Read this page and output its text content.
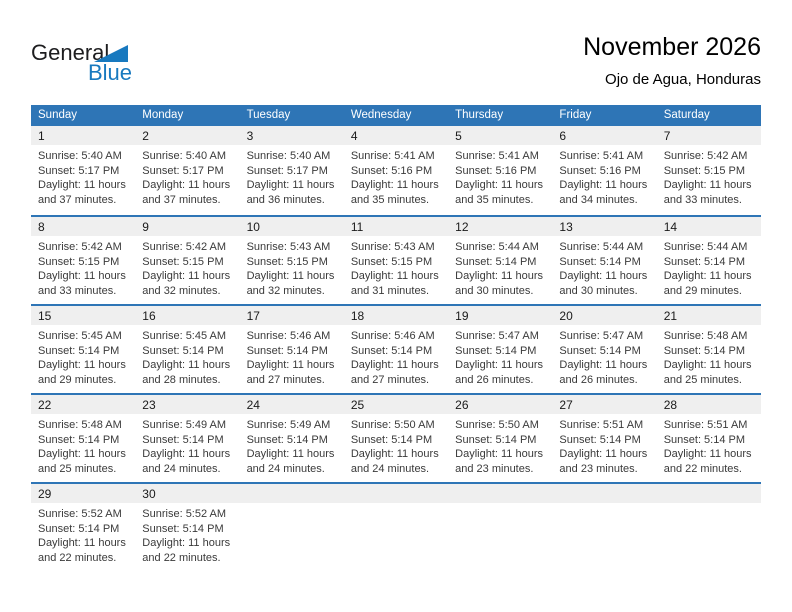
General
Blue
November 2026
Ojo de Agua, Honduras
Sunday	Monday	Tuesday	Wednesday	Thursday	Friday	Saturday
1	2	3	4	5	6	7
Sunrise: 5:40 AM
Sunset: 5:17 PM
Daylight: 11 hours
and 37 minutes.
Sunrise: 5:40 AM
Sunset: 5:17 PM
Daylight: 11 hours
and 37 minutes.
Sunrise: 5:40 AM
Sunset: 5:17 PM
Daylight: 11 hours
and 36 minutes.
Sunrise: 5:41 AM
Sunset: 5:16 PM
Daylight: 11 hours
and 35 minutes.
Sunrise: 5:41 AM
Sunset: 5:16 PM
Daylight: 11 hours
and 35 minutes.
Sunrise: 5:41 AM
Sunset: 5:16 PM
Daylight: 11 hours
and 34 minutes.
Sunrise: 5:42 AM
Sunset: 5:15 PM
Daylight: 11 hours
and 33 minutes.
8	9	10	11	12	13	14
Sunrise: 5:42 AM
Sunset: 5:15 PM
Daylight: 11 hours
and 33 minutes.
Sunrise: 5:42 AM
Sunset: 5:15 PM
Daylight: 11 hours
and 32 minutes.
Sunrise: 5:43 AM
Sunset: 5:15 PM
Daylight: 11 hours
and 32 minutes.
Sunrise: 5:43 AM
Sunset: 5:15 PM
Daylight: 11 hours
and 31 minutes.
Sunrise: 5:44 AM
Sunset: 5:14 PM
Daylight: 11 hours
and 30 minutes.
Sunrise: 5:44 AM
Sunset: 5:14 PM
Daylight: 11 hours
and 30 minutes.
Sunrise: 5:44 AM
Sunset: 5:14 PM
Daylight: 11 hours
and 29 minutes.
15	16	17	18	19	20	21
Sunrise: 5:45 AM
Sunset: 5:14 PM
Daylight: 11 hours
and 29 minutes.
Sunrise: 5:45 AM
Sunset: 5:14 PM
Daylight: 11 hours
and 28 minutes.
Sunrise: 5:46 AM
Sunset: 5:14 PM
Daylight: 11 hours
and 27 minutes.
Sunrise: 5:46 AM
Sunset: 5:14 PM
Daylight: 11 hours
and 27 minutes.
Sunrise: 5:47 AM
Sunset: 5:14 PM
Daylight: 11 hours
and 26 minutes.
Sunrise: 5:47 AM
Sunset: 5:14 PM
Daylight: 11 hours
and 26 minutes.
Sunrise: 5:48 AM
Sunset: 5:14 PM
Daylight: 11 hours
and 25 minutes.
22	23	24	25	26	27	28
Sunrise: 5:48 AM
Sunset: 5:14 PM
Daylight: 11 hours
and 25 minutes.
Sunrise: 5:49 AM
Sunset: 5:14 PM
Daylight: 11 hours
and 24 minutes.
Sunrise: 5:49 AM
Sunset: 5:14 PM
Daylight: 11 hours
and 24 minutes.
Sunrise: 5:50 AM
Sunset: 5:14 PM
Daylight: 11 hours
and 24 minutes.
Sunrise: 5:50 AM
Sunset: 5:14 PM
Daylight: 11 hours
and 23 minutes.
Sunrise: 5:51 AM
Sunset: 5:14 PM
Daylight: 11 hours
and 23 minutes.
Sunrise: 5:51 AM
Sunset: 5:14 PM
Daylight: 11 hours
and 22 minutes.
29	30
Sunrise: 5:52 AM
Sunset: 5:14 PM
Daylight: 11 hours
and 22 minutes.
Sunrise: 5:52 AM
Sunset: 5:14 PM
Daylight: 11 hours
and 22 minutes.
